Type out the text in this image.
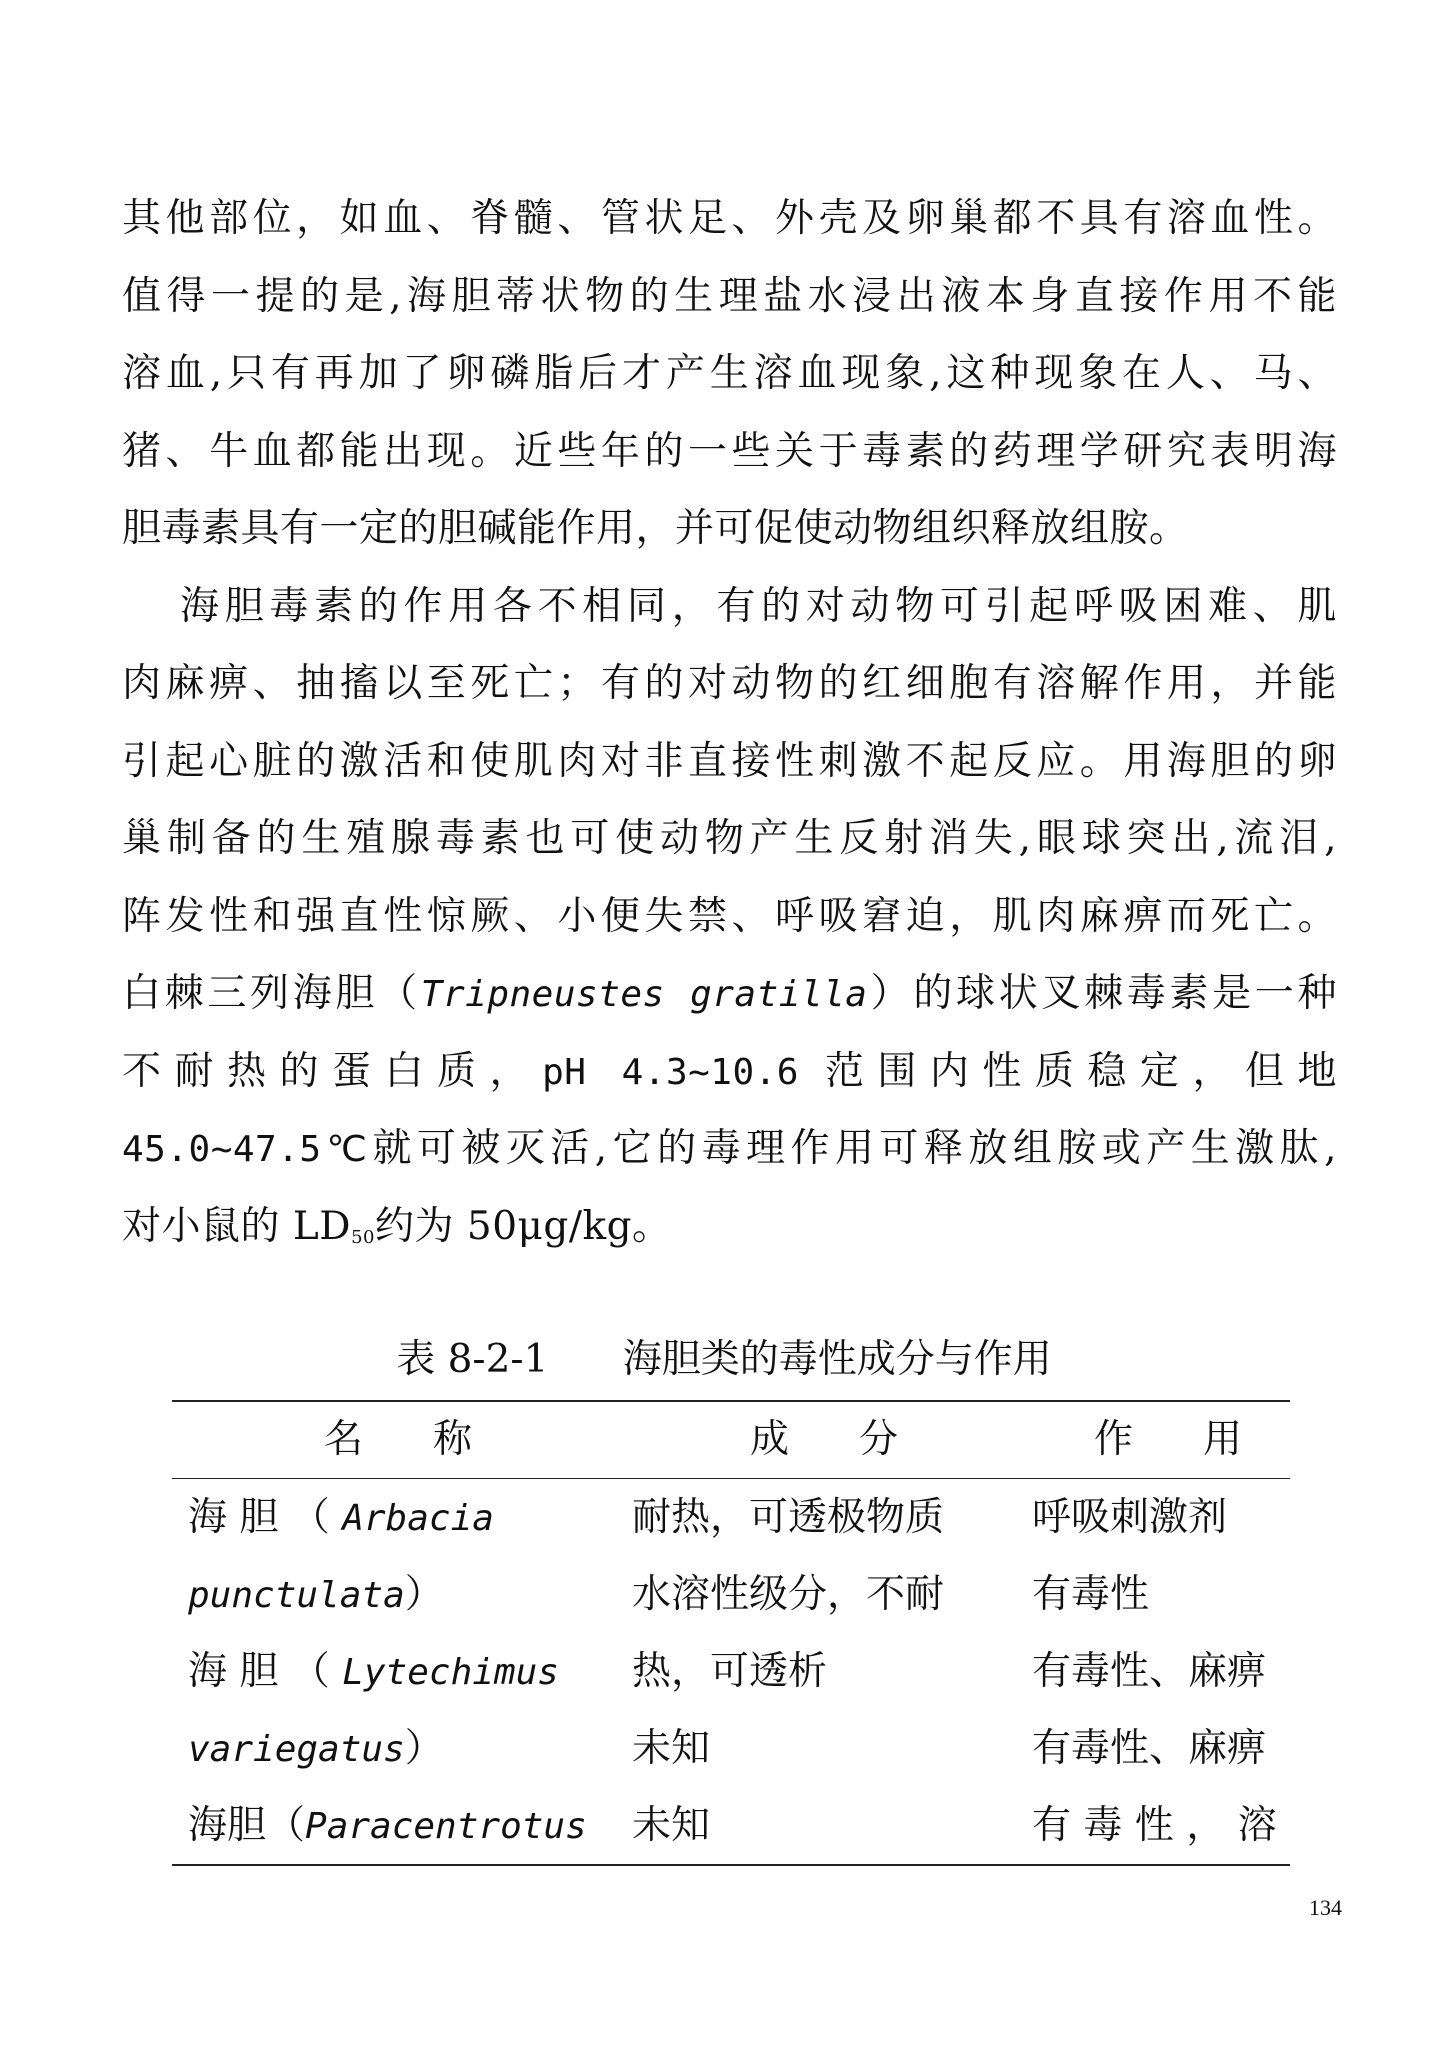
其他部位，如血、脊髓、管状足、外壳及卵巢都不具有溶血性。
值得一提的是,海胆蒂状物的生理盐水浸出液本身直接作用不能
溶血,只有再加了卵磷脂后才产生溶血现象,这种现象在人、马、
猪、牛血都能出现。近些年的一些关于毒素的药理学研究表明海
胆毒素具有一定的胆碱能作用，并可促使动物组织释放组胺。
海胆毒素的作用各不相同，有的对动物可引起呼吸困难、肌
肉麻痹、抽搐以至死亡；有的对动物的红细胞有溶解作用，并能
引起心脏的激活和使肌肉对非直接性刺激不起反应。用海胆的卵
巢制备的生殖腺毒素也可使动物产生反射消失,眼球突出,流泪,
阵发性和强直性惊厥、小便失禁、呼吸窘迫，肌肉麻痹而死亡。
白棘三列海胆（Tripneustes gratilla）的球状叉棘毒素是一种
不耐热的蛋白质，pH 4.3~10.6 范围内性质稳定，但地
45.0~47.5℃就可被灭活,它的毒理作用可释放组胺或产生激肽,
对小鼠的 $LD_{50}$约为 50μg/kg。
表 8-2-1 海胆类的毒性成分与作用
名称	成分	作用
海 胆 （ Arbacia	耐热，可透极物质	呼吸刺激剂
punctulata）	水溶性级分，不耐	有毒性
海 胆 （ Lytechimus	热，可透析	有毒性、麻痹
variegatus）	未知	有毒性、麻痹
海胆（Paracentrotus	未知	有 毒 性 ， 溶
134
